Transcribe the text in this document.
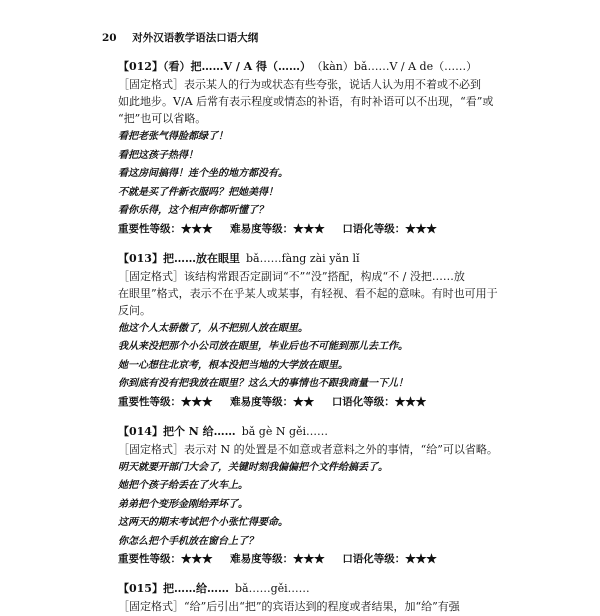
20 对外汉语教学语法口语大纲
【012】（看）把……V / A 得（……） （kàn）bǎ……V / A de（……）
［固定格式］表示某人的行为或状态有些夸张，说话人认为用不着或不必到
如此地步。V/A 后常有表示程度或情态的补语，有时补语可以不出现，“看”或
“把”也可以省略。
看把老张气得脸都绿了！
看把这孩子热得！
看这房间搞得！连个坐的地方都没有。
不就是买了件新衣服吗？把她美得！
看你乐得，这个相声你都听懂了？
重要性等级：★★★ 难易度等级：★★★ 口语化等级：★★★
【013】把……放在眼里 bǎ……fàng zài yǎn lǐ
［固定格式］该结构常跟否定副词“不”“没”搭配，构成“不 / 没把……放
在眼里”格式，表示不在乎某人或某事，有轻视、看不起的意味。有时也可用于
反问。
他这个人太骄傲了，从不把别人放在眼里。
我从来没把那个小公司放在眼里，毕业后也不可能到那儿去工作。
她一心想往北京考，根本没把当地的大学放在眼里。
你到底有没有把我放在眼里？这么大的事情也不跟我商量一下儿！
重要性等级：★★★ 难易度等级：★★ 口语化等级：★★★
【014】把个 N 给…… bǎ gè N gěi……
［固定格式］表示对 N 的处置是不如意或者意料之外的事情，“给”可以省略。
明天就要开部门大会了，关键时刻我偏偏把个文件给搞丢了。
她把个孩子给丢在了火车上。
弟弟把个变形金刚给弄坏了。
这两天的期末考试把个小张忙得要命。
你怎么把个手机放在窗台上了？
重要性等级：★★★ 难易度等级：★★★ 口语化等级：★★★
【015】把……给…… bǎ……gěi……
［固定格式］“给”后引出“把”的宾语达到的程度或者结果，加“给”有强
